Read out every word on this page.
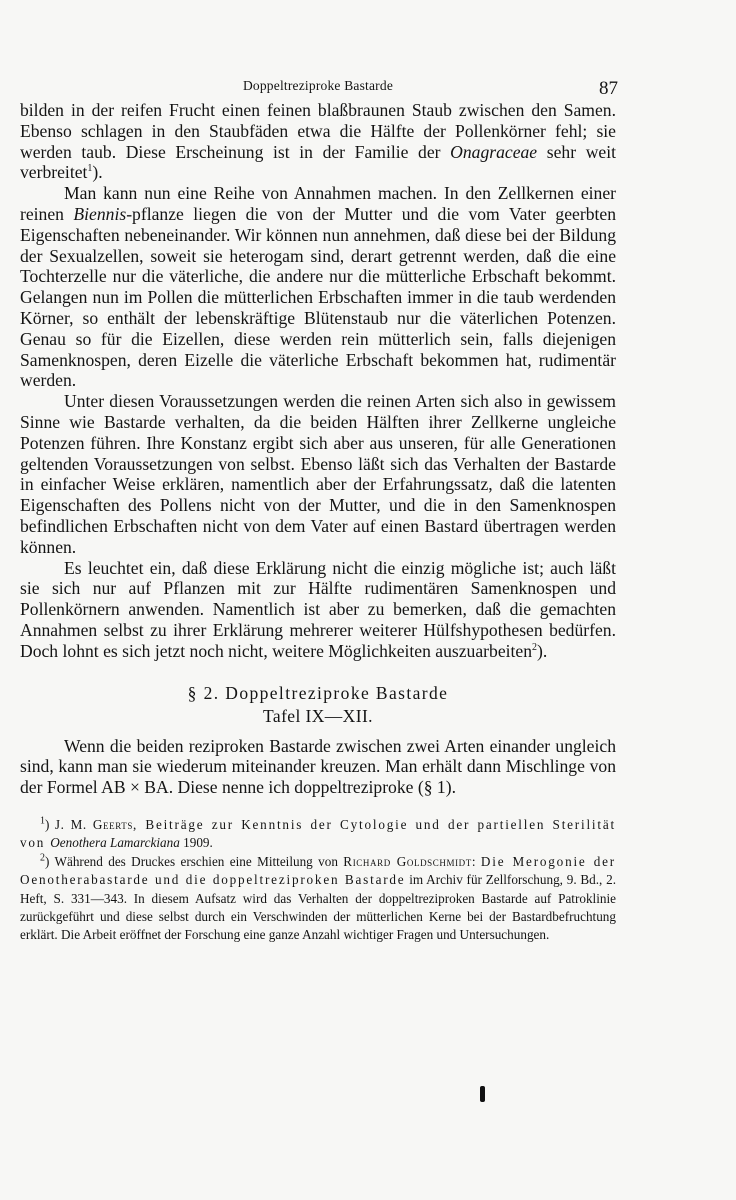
Doppeltreziproke Bastarde	87

bilden in der reifen Frucht einen feinen blaßbraunen Staub zwischen den Samen. Ebenso schlagen in den Staubfäden etwa die Hälfte der Pollenkörner fehl; sie werden taub. Diese Erscheinung ist in der Familie der Onagraceae sehr weit verbreitet$^1$).

Man kann nun eine Reihe von Annahmen machen. In den Zellkernen einer reinen Biennis-pflanze liegen die von der Mutter und die vom Vater geerbten Eigenschaften nebeneinander. Wir können nun annehmen, daß diese bei der Bildung der Sexualzellen, soweit sie heterogam sind, derart getrennt werden, daß die eine Tochterzelle nur die väterliche, die andere nur die mütterliche Erbschaft bekommt. Gelangen nun im Pollen die mütterlichen Erbschaften immer in die taub werdenden Körner, so enthält der lebenskräftige Blütenstaub nur die väterlichen Potenzen. Genau so für die Eizellen, diese werden rein mütterlich sein, falls diejenigen Samenknospen, deren Eizelle die väterliche Erbschaft bekommen hat, rudimentär werden.

Unter diesen Voraussetzungen werden die reinen Arten sich also in gewissem Sinne wie Bastarde verhalten, da die beiden Hälften ihrer Zellkerne ungleiche Potenzen führen. Ihre Konstanz ergibt sich aber aus unseren, für alle Generationen geltenden Voraussetzungen von selbst. Ebenso läßt sich das Verhalten der Bastarde in einfacher Weise erklären, namentlich aber der Erfahrungssatz, daß die latenten Eigenschaften des Pollens nicht von der Mutter, und die in den Samenknospen befindlichen Erbschaften nicht von dem Vater auf einen Bastard übertragen werden können.

Es leuchtet ein, daß diese Erklärung nicht die einzig mögliche ist; auch läßt sie sich nur auf Pflanzen mit zur Hälfte rudimentären Samenknospen und Pollenkörnern anwenden. Namentlich ist aber zu bemerken, daß die gemachten Annahmen selbst zu ihrer Erklärung mehrerer weiterer Hülfshypothesen bedürfen. Doch lohnt es sich jetzt noch nicht, weitere Möglichkeiten auszuarbeiten$^2$).

§ 2. Doppeltreziproke Bastarde
Tafel IX—XII.

Wenn die beiden reziproken Bastarde zwischen zwei Arten einander ungleich sind, kann man sie wiederum miteinander kreuzen. Man erhält dann Mischlinge von der Formel AB × BA. Diese nenne ich doppeltreziproke (§ 1).

$^1$) J. M. Geerts, Beiträge zur Kenntnis der Cytologie und der partiellen Sterilität von Oenothera Lamarckiana 1909.

$^2$) Während des Druckes erschien eine Mitteilung von Richard Goldschmidt: Die Merogonie der Oenotherabastarde und die doppeltreziproken Bastarde im Archiv für Zellforschung, 9. Bd., 2. Heft, S. 331—343. In diesem Aufsatz wird das Verhalten der doppeltreziproken Bastarde auf Patroklinie zurückgeführt und diese selbst durch ein Verschwinden der mütterlichen Kerne bei der Bastardbefruchtung erklärt. Die Arbeit eröffnet der Forschung eine ganze Anzahl wichtiger Fragen und Untersuchungen.
